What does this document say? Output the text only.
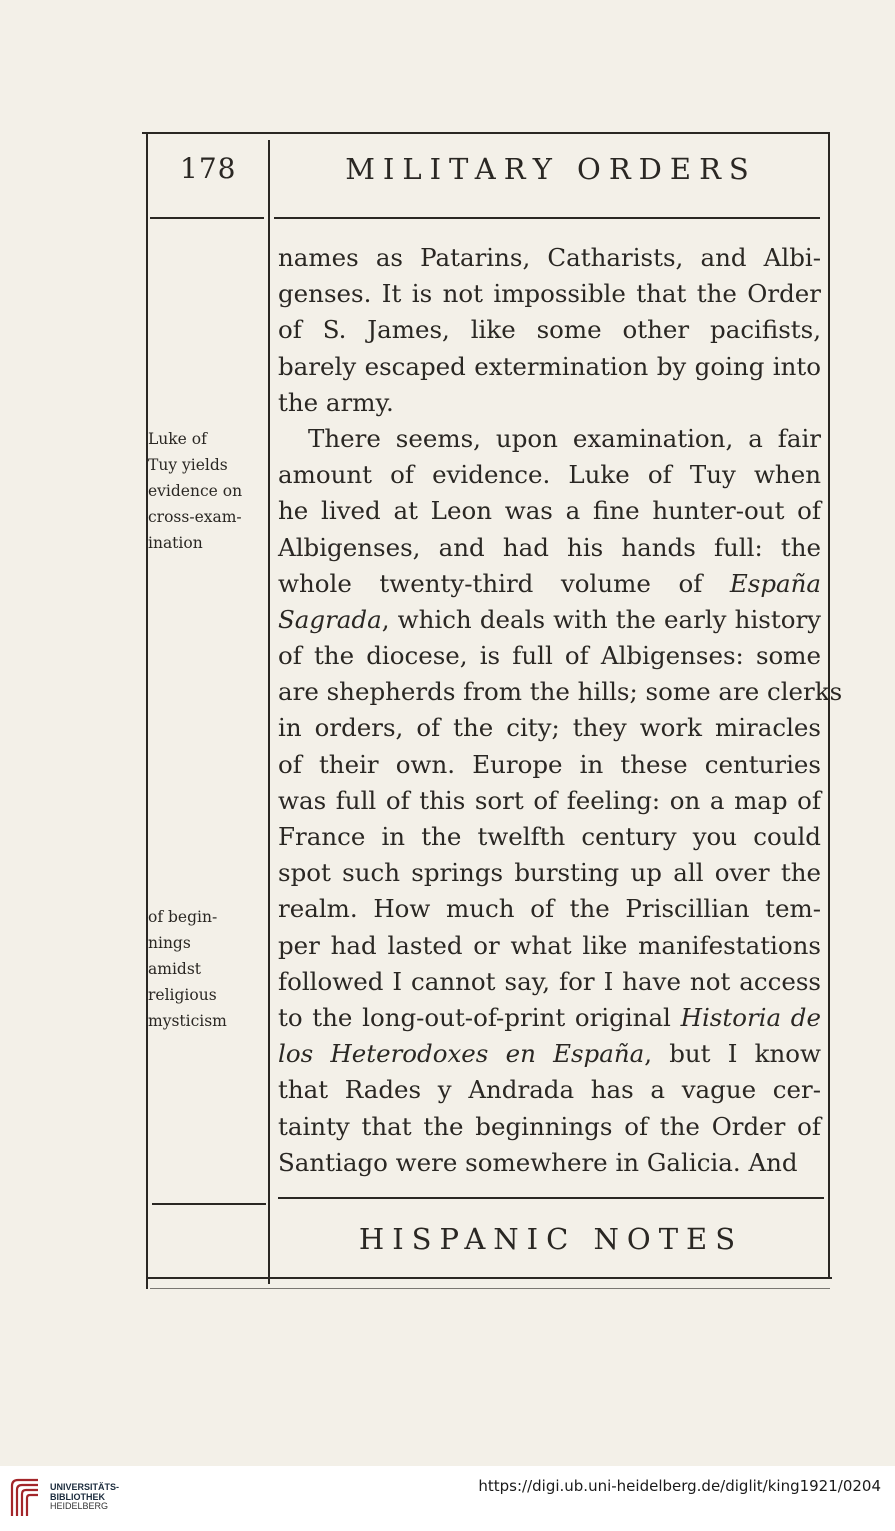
178	MILITARY ORDERS
names as Patarins, Catharists, and Albi-
genses. It is not impossible that the Order
of S. James, like some other pacifists,
barely escaped extermination by going into
the army.
There seems, upon examination, a fair
amount of evidence. Luke of Tuy when
he lived at Leon was a fine hunter-out of
Albigenses, and had his hands full: the
whole twenty-third volume of España
Sagrada, which deals with the early history
of the diocese, is full of Albigenses: some
are shepherds from the hills; some are clerks
in orders, of the city; they work miracles
of their own. Europe in these centuries
was full of this sort of feeling: on a map of
France in the twelfth century you could
spot such springs bursting up all over the
realm. How much of the Priscillian tem-
per had lasted or what like manifestations
followed I cannot say, for I have not access
to the long-out-of-print original Historia de
los Heterodoxes en España, but I know
that Rades y Andrada has a vague cer-
tainty that the beginnings of the Order of
Santiago were somewhere in Galicia. And
Luke of
Tuy yields
evidence on
cross-exam-
ination
of begin-
nings
amidst
religious
mysticism
HISPANIC NOTES
UNIVERSITÄTS-
BIBLIOTHEK
HEIDELBERG
https://digi.ub.uni-heidelberg.de/diglit/king1921/0204
